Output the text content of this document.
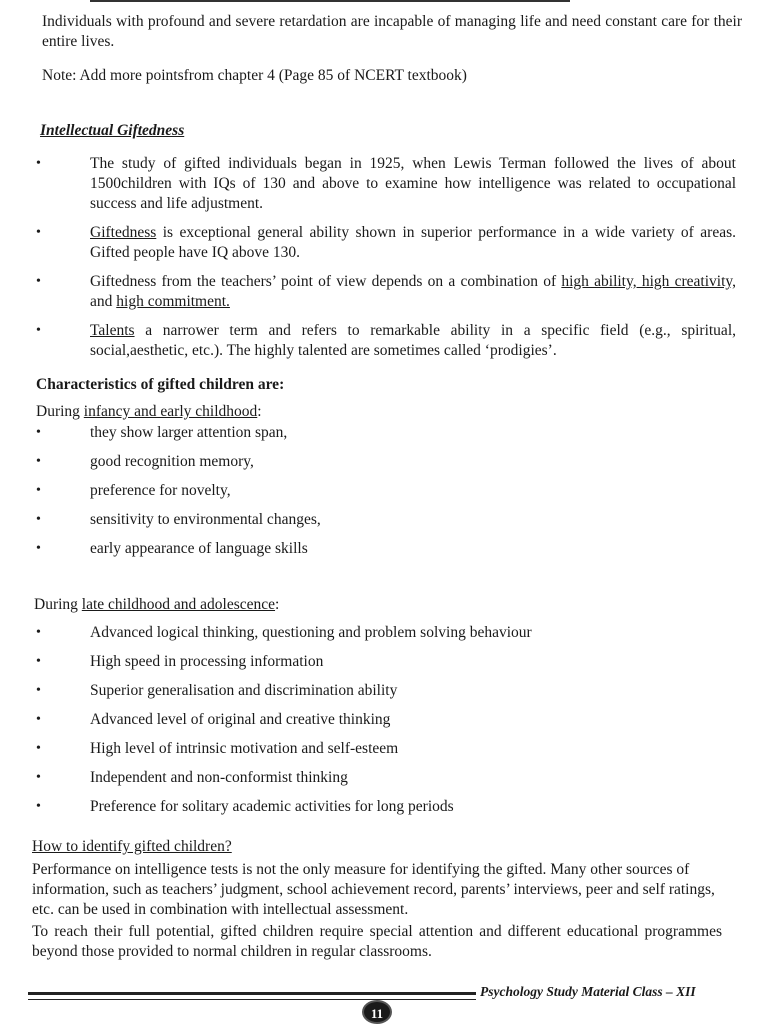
Individuals with profound and severe retardation are incapable of managing life and need constant care for their entire lives.

Note: Add more pointsfrom chapter 4 (Page 85 of NCERT textbook)

Intellectual Giftedness
•	The study of gifted individuals began in 1925, when Lewis Terman followed the lives of about 1500children with IQs of 130 and above to examine how intelligence was related to occupational success and life adjustment.
•	Giftedness is exceptional general ability shown in superior performance in a wide variety of areas. Gifted people have IQ above 130.
•	Giftedness from the teachers’ point of view depends on a combination of high ability, high creativity, and high commitment.
•	Talents a narrower term and refers to remarkable ability in a specific field (e.g., spiritual, social,aesthetic, etc.). The highly talented are sometimes called ‘prodigies’.
Characteristics of gifted children are:
During infancy and early childhood:
•	they show larger attention span,
•	good recognition memory,
•	preference for novelty,
•	sensitivity to environmental changes,
•	early appearance of language skills
During late childhood and adolescence:
•	Advanced logical thinking, questioning and problem solving behaviour
•	High speed in processing information
•	Superior generalisation and discrimination ability
•	Advanced level of original and creative thinking
•	High level of intrinsic motivation and self-esteem
•	Independent and non-conformist thinking
•	Preference for solitary academic activities for long periods
How to identify gifted children?

Performance on intelligence tests is not the only measure for identifying the gifted. Many other sources of information, such as teachers’ judgment, school achievement record, parents’ interviews, peer and self ratings, etc. can be used in combination with intellectual assessment.

To reach their full potential, gifted children require special attention and different educational programmes beyond those provided to normal children in regular classrooms.

Psychology Study Material Class – XII
11
